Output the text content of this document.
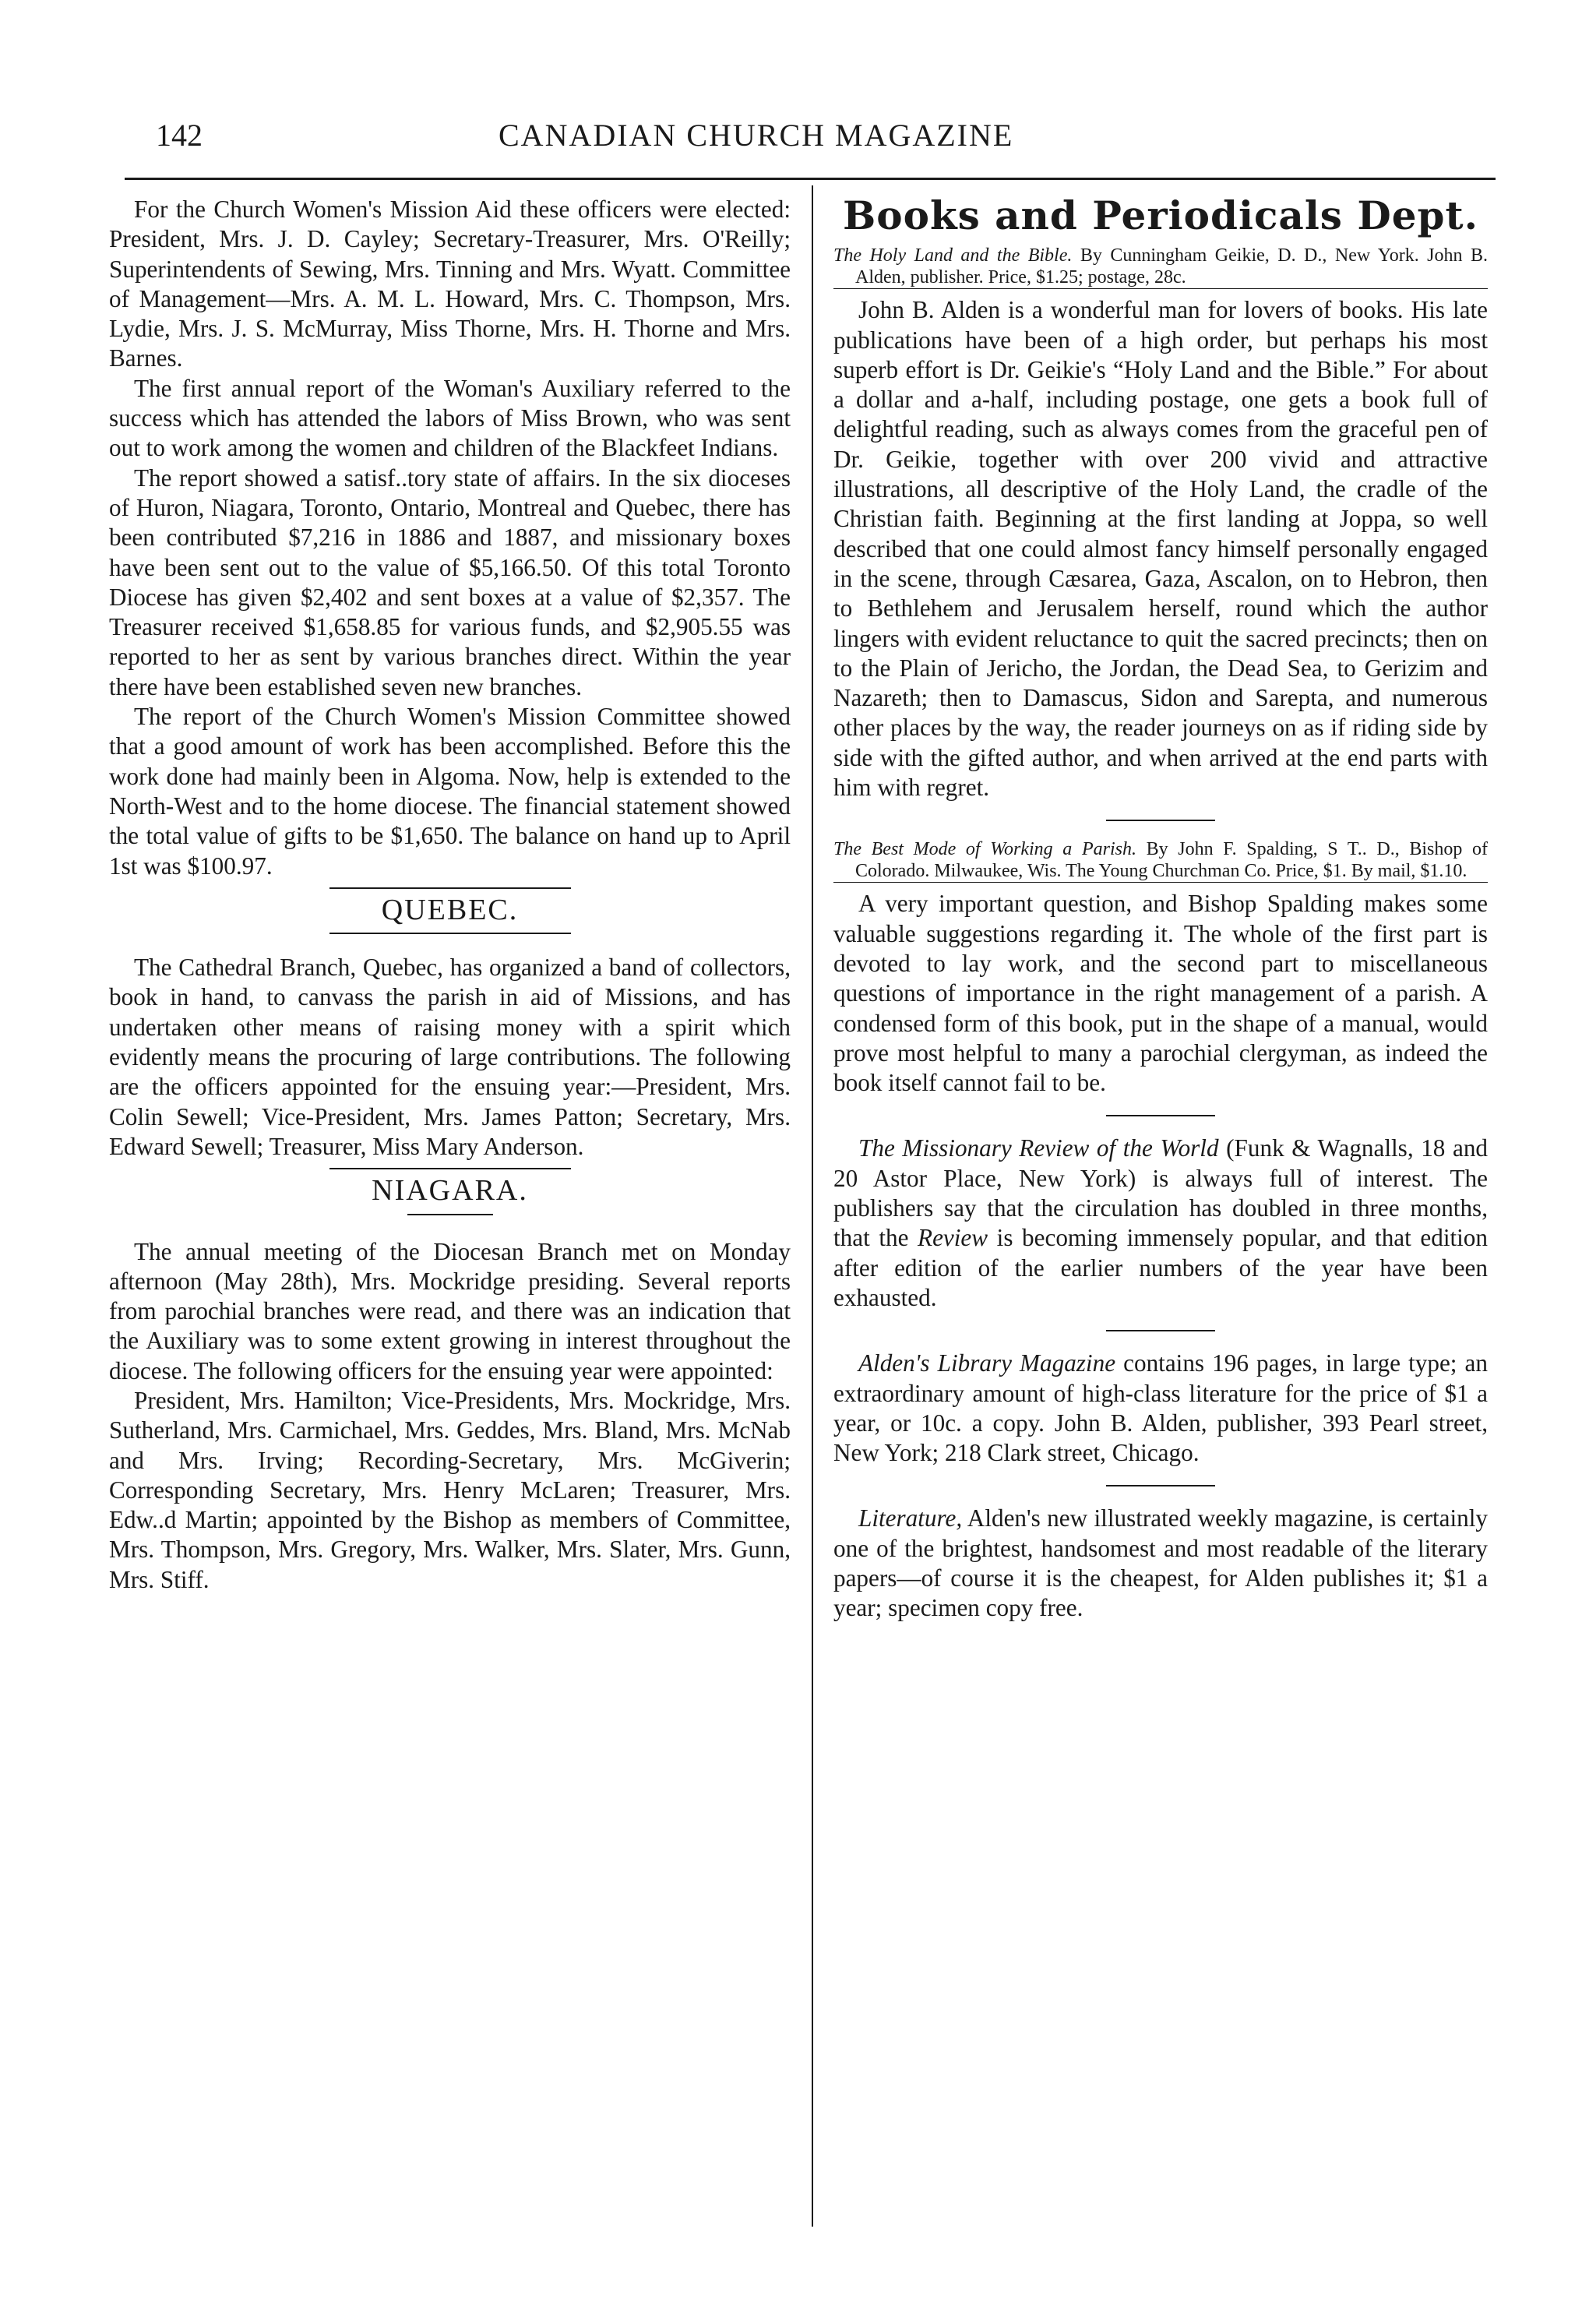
142	CANADIAN CHURCH MAGAZINE

For the Church Women's Mission Aid these officers were elected: President, Mrs. J. D. Cayley; Secretary-Treasurer, Mrs. O'Reilly; Superintendents of Sewing, Mrs. Tinning and Mrs. Wyatt. Committee of Management—Mrs. A. M. L. Howard, Mrs. C. Thompson, Mrs. Lydie, Mrs. J. S. McMurray, Miss Thorne, Mrs. H. Thorne and Mrs. Barnes.

The first annual report of the Woman's Auxiliary referred to the success which has attended the labors of Miss Brown, who was sent out to work among the women and children of the Blackfeet Indians.

The report showed a satisf..tory state of affairs. In the six dioceses of Huron, Niagara, Toronto, Ontario, Montreal and Quebec, there has been contributed $7,216 in 1886 and 1887, and missionary boxes have been sent out to the value of $5,166.50. Of this total Toronto Diocese has given $2,402 and sent boxes at a value of $2,357. The Treasurer received $1,658.85 for various funds, and $2,905.55 was reported to her as sent by various branches direct. Within the year there have been established seven new branches.

The report of the Church Women's Mission Committee showed that a good amount of work has been accomplished. Before this the work done had mainly been in Algoma. Now, help is extended to the North-West and to the home diocese. The financial statement showed the total value of gifts to be $1,650. The balance on hand up to April 1st was $100.97.

QUEBEC.

The Cathedral Branch, Quebec, has organized a band of collectors, book in hand, to canvass the parish in aid of Missions, and has undertaken other means of raising money with a spirit which evidently means the procuring of large contributions. The following are the officers appointed for the ensuing year:—President, Mrs. Colin Sewell; Vice-President, Mrs. James Patton; Secretary, Mrs. Edward Sewell; Treasurer, Miss Mary Anderson.

NIAGARA.

The annual meeting of the Diocesan Branch met on Monday afternoon (May 28th), Mrs. Mockridge presiding. Several reports from parochial branches were read, and there was an indication that the Auxiliary was to some extent growing in interest throughout the diocese. The following officers for the ensuing year were appointed:

President, Mrs. Hamilton; Vice-Presidents, Mrs. Mockridge, Mrs. Sutherland, Mrs. Carmichael, Mrs. Geddes, Mrs. Bland, Mrs. McNab and Mrs. Irving; Recording-Secretary, Mrs. McGiverin; Corresponding Secretary, Mrs. Henry McLaren; Treasurer, Mrs. Edw..d Martin; appointed by the Bishop as members of Committee, Mrs. Thompson, Mrs. Gregory, Mrs. Walker, Mrs. Slater, Mrs. Gunn, Mrs. Stiff.

Books and Periodicals Dept.

The Holy Land and the Bible. By Cunningham Geikie, D. D., New York. John B. Alden, publisher. Price, $1.25; postage, 28c.

John B. Alden is a wonderful man for lovers of books. His late publications have been of a high order, but perhaps his most superb effort is Dr. Geikie's “Holy Land and the Bible.” For about a dollar and a-half, including postage, one gets a book full of delightful reading, such as always comes from the graceful pen of Dr. Geikie, together with over 200 vivid and attractive illustrations, all descriptive of the Holy Land, the cradle of the Christian faith. Beginning at the first landing at Joppa, so well described that one could almost fancy himself personally engaged in the scene, through Cæsarea, Gaza, Ascalon, on to Hebron, then to Bethlehem and Jerusalem herself, round which the author lingers with evident reluctance to quit the sacred precincts; then on to the Plain of Jericho, the Jordan, the Dead Sea, to Gerizim and Nazareth; then to Damascus, Sidon and Sarepta, and numerous other places by the way, the reader journeys on as if riding side by side with the gifted author, and when arrived at the end parts with him with regret.

The Best Mode of Working a Parish. By John F. Spalding, S T.. D., Bishop of Colorado. Milwaukee, Wis. The Young Churchman Co. Price, $1. By mail, $1.10.

A very important question, and Bishop Spalding makes some valuable suggestions regarding it. The whole of the first part is devoted to lay work, and the second part to miscellaneous questions of importance in the right management of a parish. A condensed form of this book, put in the shape of a manual, would prove most helpful to many a parochial clergyman, as indeed the book itself cannot fail to be.

The Missionary Review of the World (Funk & Wagnalls, 18 and 20 Astor Place, New York) is always full of interest. The publishers say that the circulation has doubled in three months, that the Review is becoming immensely popular, and that edition after edition of the earlier numbers of the year have been exhausted.

Alden's Library Magazine contains 196 pages, in large type; an extraordinary amount of high-class literature for the price of $1 a year, or 10c. a copy. John B. Alden, publisher, 393 Pearl street, New York; 218 Clark street, Chicago.

Literature, Alden's new illustrated weekly magazine, is certainly one of the brightest, handsomest and most readable of the literary papers—of course it is the cheapest, for Alden publishes it; $1 a year; specimen copy free.
